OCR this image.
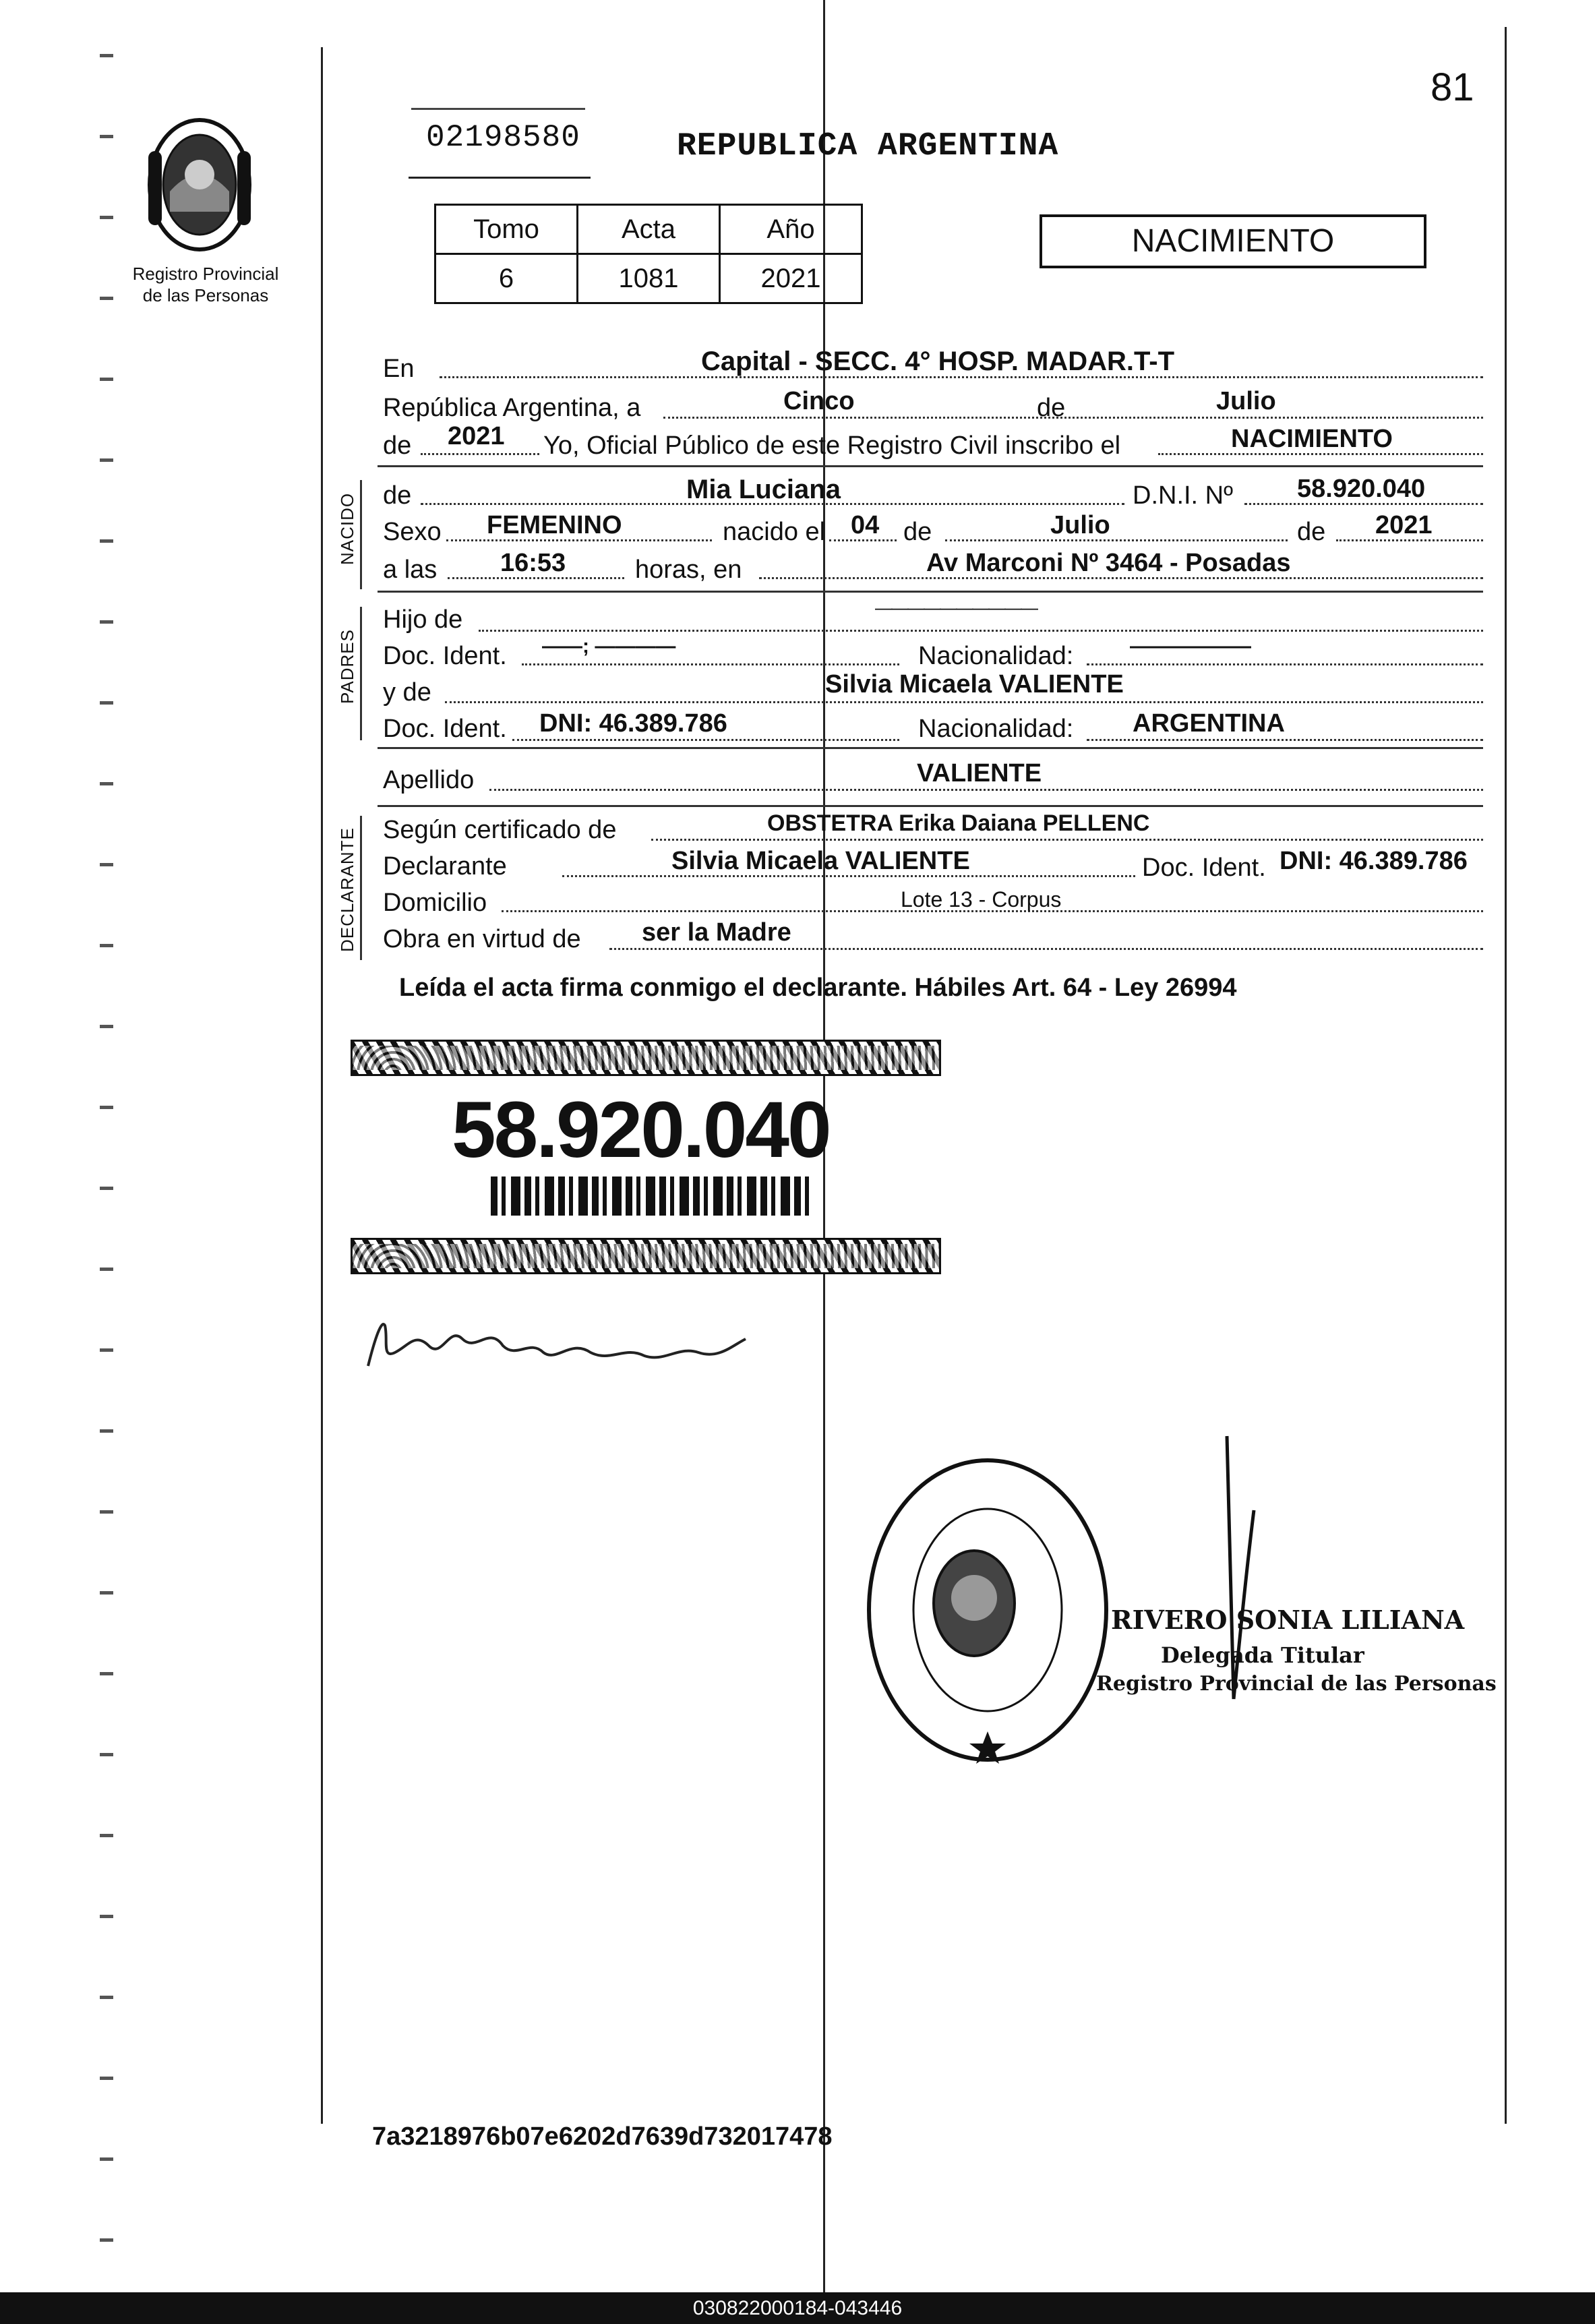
81
Registro Provincial
de las Personas
02198580	REPUBLICA ARGENTINA
Tomo	Acta	Año
6	1081	2021
NACIMIENTO
En	Capital - SECC. 4° HOSP. MADAR.T-T
República Argentina, a	Cinco	de	Julio
de 2021 Yo, Oficial Público de este Registro Civil inscribo el	NACIMIENTO
NACIDO de	Mia Luciana	D.N.I. Nº	58.920.040
Sexo FEMENINO	nacido el 04 de	Julio	de 2021
a las 16:53	horas, en	Av Marconi Nº 3464 - Posadas
PADRES
Hijo de	——————————
Doc. Ident. ——; ————	Nacionalidad:	——————
y de	Silvia Micaela VALIENTE
Doc. Ident. DNI: 46.389.786	Nacionalidad: ARGENTINA
Apellido	VALIENTE
DECLARANTE Según certificado de	OBSTETRA Erika Daiana PELLENC
Declarante	Silvia Micaela VALIENTE	Doc. Ident. DNI: 46.389.786
Domicilio	Lote 13 - Corpus
Obra en virtud de ser la Madre
Leída el acta firma conmigo el declarante. Hábiles Art. 64 - Ley 26994
58.920.040
RIVERO SONIA LILIANA
Delegada Titular
Registro Provincial de las Personas
7a3218976b07e6202d7639d732017478
030822000184-043446
